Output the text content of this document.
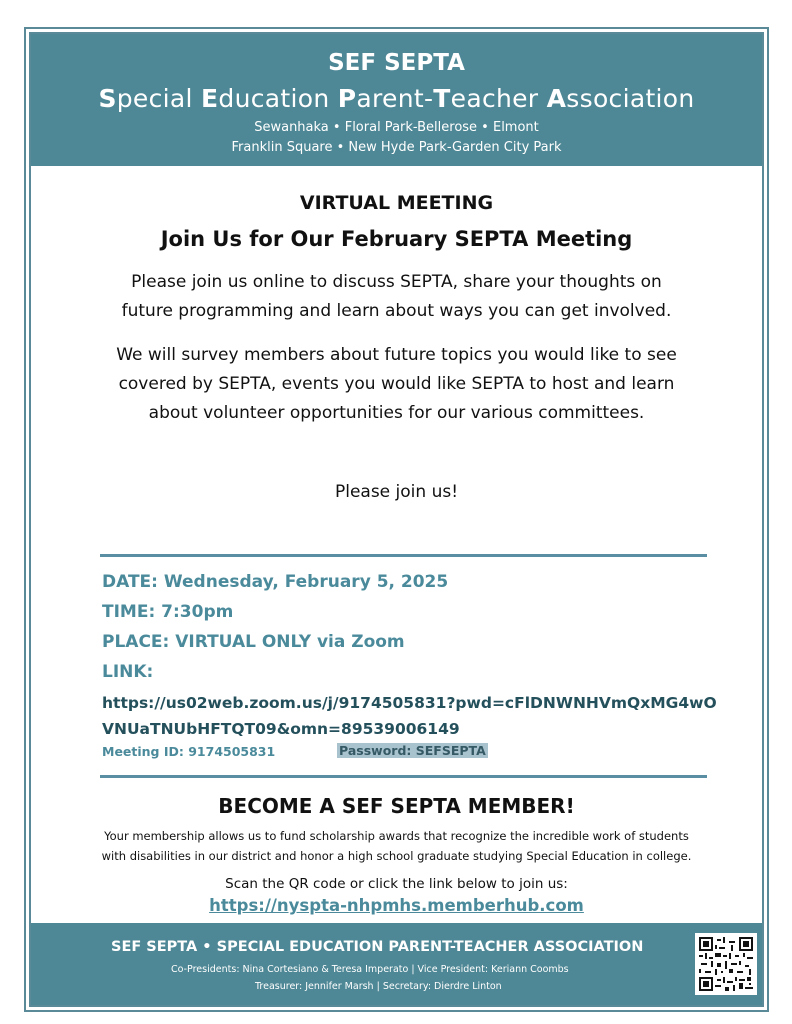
SEF SEPTA
Special Education Parent-Teacher Association
Sewanhaka • Floral Park-Bellerose • Elmont
Franklin Square • New Hyde Park-Garden City Park
VIRTUAL MEETING
Join Us for Our February SEPTA Meeting
Please join us online to discuss SEPTA, share your thoughts on
future programming and learn about ways you can get involved.
We will survey members about future topics you would like to see
covered by SEPTA, events you would like SEPTA to host and learn
about volunteer opportunities for our various committees.
Please join us!
DATE: Wednesday, February 5, 2025
TIME: 7:30pm
PLACE: VIRTUAL ONLY via Zoom
LINK:
https://us02web.zoom.us/j/9174505831?pwd=cFlDNWNHVmQxMG4wOVNUaTNUbHFTQT09&omn=89539006149
Meeting ID: 9174505831	Password: SEFSEPTA
BECOME A SEF SEPTA MEMBER!
Your membership allows us to fund scholarship awards that recognize the incredible work of students
with disabilities in our district and honor a high school graduate studying Special Education in college.
Scan the QR code or click the link below to join us:
https://nyspta-nhpmhs.memberhub.com
SEF SEPTA • SPECIAL EDUCATION PARENT-TEACHER ASSOCIATION
Co-Presidents: Nina Cortesiano & Teresa Imperato | Vice President: Keriann Coombs
Treasurer: Jennifer Marsh | Secretary: Dierdre Linton
